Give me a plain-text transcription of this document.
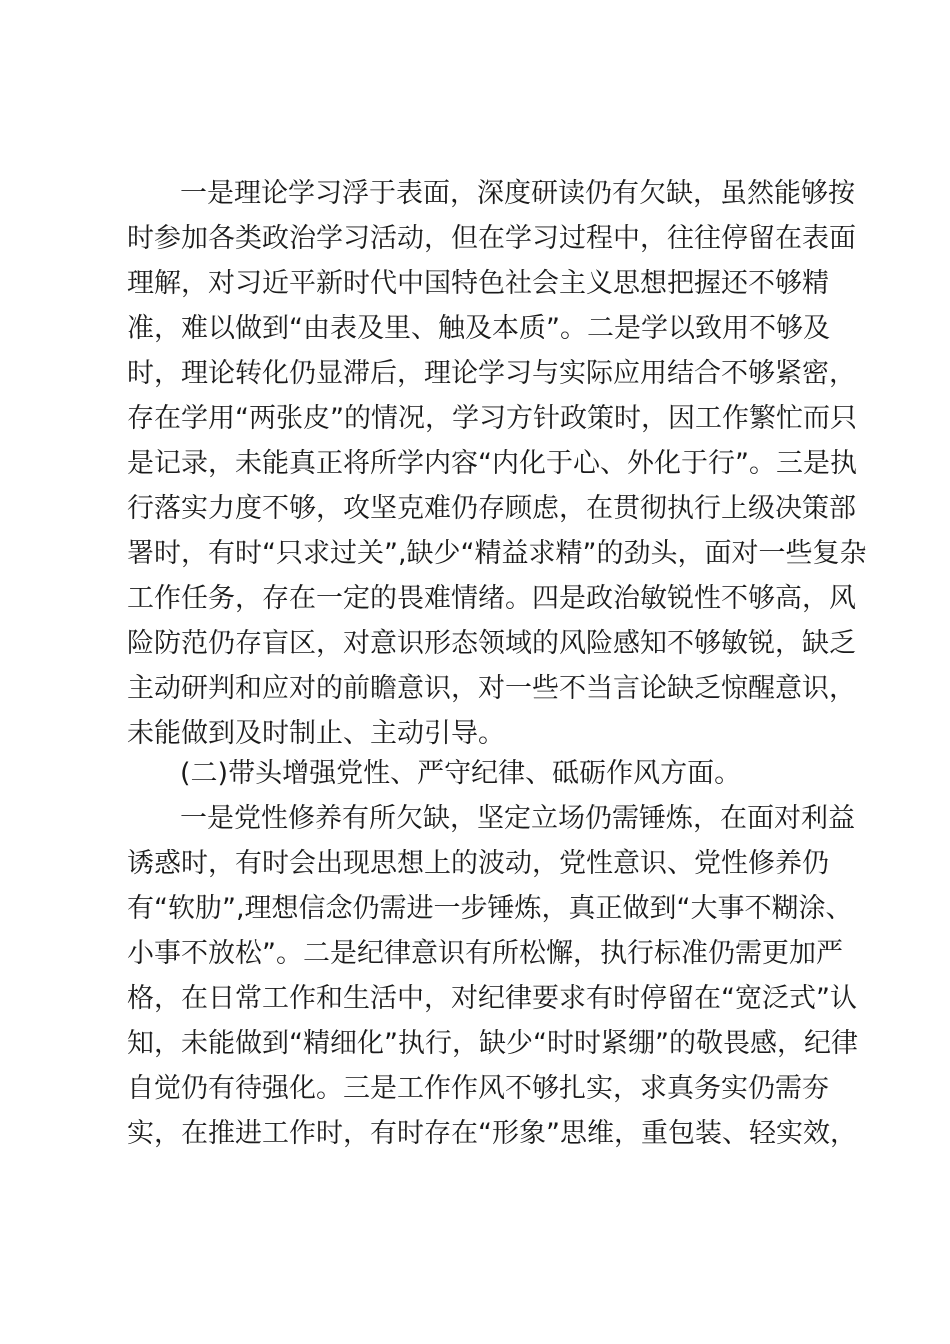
一是理论学习浮于表面，深度研读仍有欠缺，虽然能够按
时参加各类政治学习活动，但在学习过程中，往往停留在表面
理解，对习近平新时代中国特色社会主义思想把握还不够精
准，难以做到“由表及里、触及本质”。二是学以致用不够及
时，理论转化仍显滞后，理论学习与实际应用结合不够紧密，
存在学用“两张皮”的情况，学习方针政策时，因工作繁忙而只
是记录，未能真正将所学内容“内化于心、外化于行”。三是执
行落实力度不够，攻坚克难仍存顾虑，在贯彻执行上级决策部
署时，有时“只求过关”,缺少“精益求精”的劲头，面对一些复杂
工作任务，存在一定的畏难情绪。四是政治敏锐性不够高，风
险防范仍存盲区，对意识形态领域的风险感知不够敏锐，缺乏
主动研判和应对的前瞻意识，对一些不当言论缺乏惊醒意识，
未能做到及时制止、主动引导。
(二)带头增强党性、严守纪律、砥砺作风方面。
一是党性修养有所欠缺，坚定立场仍需锤炼，在面对利益
诱惑时，有时会出现思想上的波动，党性意识、党性修养仍
有“软肋”,理想信念仍需进一步锤炼，真正做到“大事不糊涂、
小事不放松”。二是纪律意识有所松懈，执行标准仍需更加严
格，在日常工作和生活中，对纪律要求有时停留在“宽泛式”认
知，未能做到“精细化”执行，缺少“时时紧绷”的敬畏感，纪律
自觉仍有待强化。三是工作作风不够扎实，求真务实仍需夯
实，在推进工作时，有时存在“形象”思维，重包装、轻实效，
